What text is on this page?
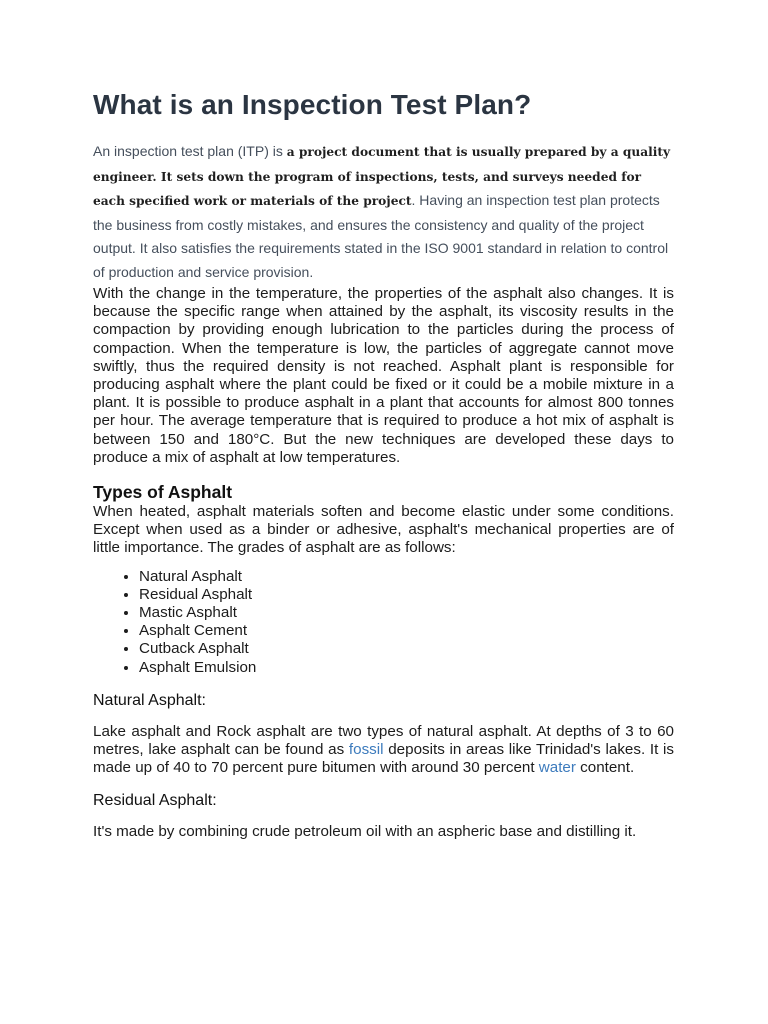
What is an Inspection Test Plan?

An inspection test plan (ITP) is a project document that is usually prepared by a quality engineer. It sets down the program of inspections, tests, and surveys needed for each specified work or materials of the project. Having an inspection test plan protects the business from costly mistakes, and ensures the consistency and quality of the project output. It also satisfies the requirements stated in the ISO 9001 standard in relation to control of production and service provision.

With the change in the temperature, the properties of the asphalt also changes. It is because the specific range when attained by the asphalt, its viscosity results in the compaction by providing enough lubrication to the particles during the process of compaction. When the temperature is low, the particles of aggregate cannot move swiftly, thus the required density is not reached. Asphalt plant is responsible for producing asphalt where the plant could be fixed or it could be a mobile mixture in a plant. It is possible to produce asphalt in a plant that accounts for almost 800 tonnes per hour. The average temperature that is required to produce a hot mix of asphalt is between 150 and 180°C. But the new techniques are developed these days to produce a mix of asphalt at low temperatures.

Types of Asphalt

When heated, asphalt materials soften and become elastic under some conditions. Except when used as a binder or adhesive, asphalt's mechanical properties are of little importance. The grades of asphalt are as follows:

• Natural Asphalt
• Residual Asphalt
• Mastic Asphalt
• Asphalt Cement
• Cutback Asphalt
• Asphalt Emulsion
Natural Asphalt:

Lake asphalt and Rock asphalt are two types of natural asphalt. At depths of 3 to 60 metres, lake asphalt can be found as fossil deposits in areas like Trinidad's lakes. It is made up of 40 to 70 percent pure bitumen with around 30 percent water content.

Residual Asphalt:

It's made by combining crude petroleum oil with an aspheric base and distilling it.
